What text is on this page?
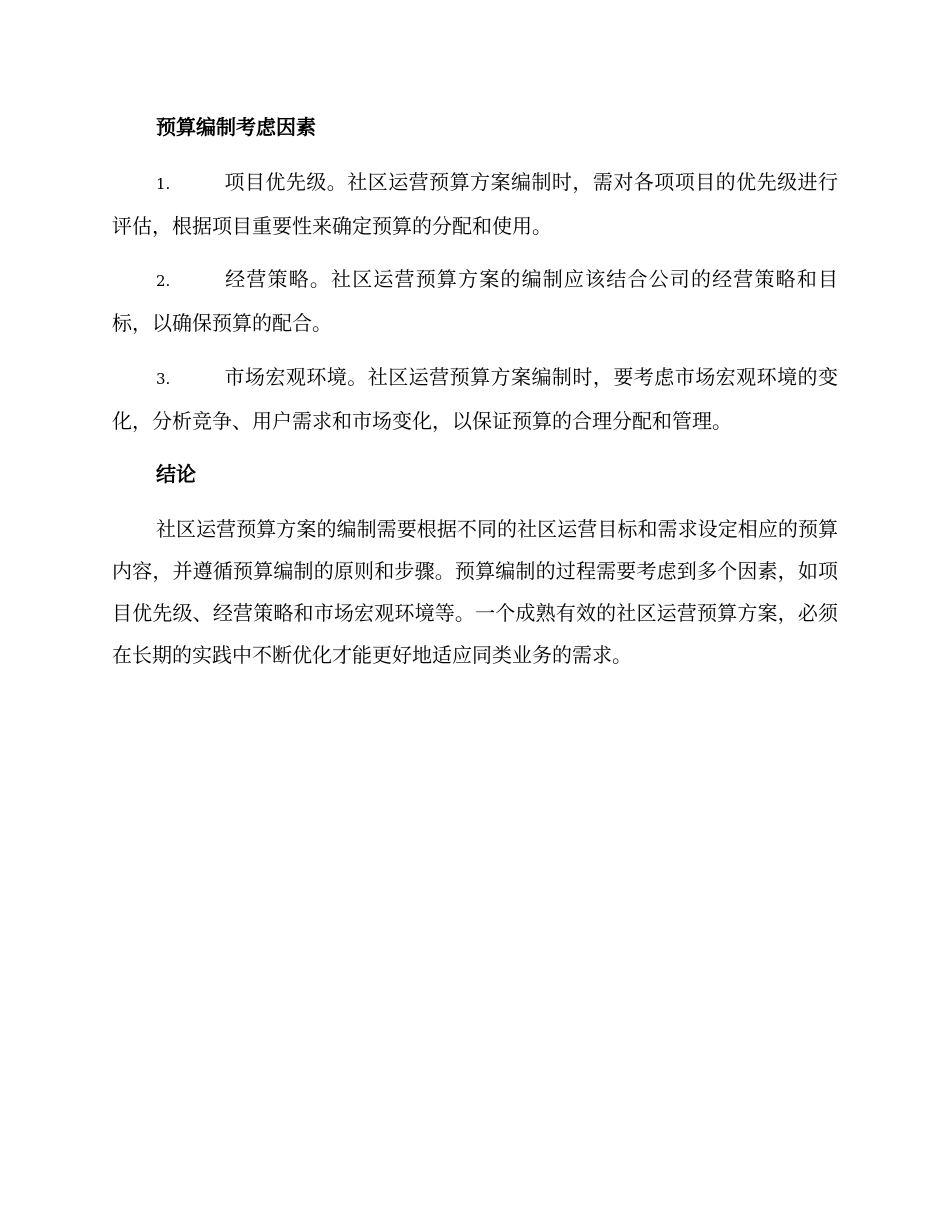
预算编制考虑因素
1.	项目优先级。社区运营预算方案编制时，需对各项项目的优先级进行评估，根据项目重要性来确定预算的分配和使用。
2.	经营策略。社区运营预算方案的编制应该结合公司的经营策略和目标，以确保预算的配合。
3.	市场宏观环境。社区运营预算方案编制时，要考虑市场宏观环境的变化，分析竞争、用户需求和市场变化，以保证预算的合理分配和管理。
结论
社区运营预算方案的编制需要根据不同的社区运营目标和需求设定相应的预算内容，并遵循预算编制的原则和步骤。预算编制的过程需要考虑到多个因素，如项目优先级、经营策略和市场宏观环境等。一个成熟有效的社区运营预算方案，必须在长期的实践中不断优化才能更好地适应同类业务的需求。
